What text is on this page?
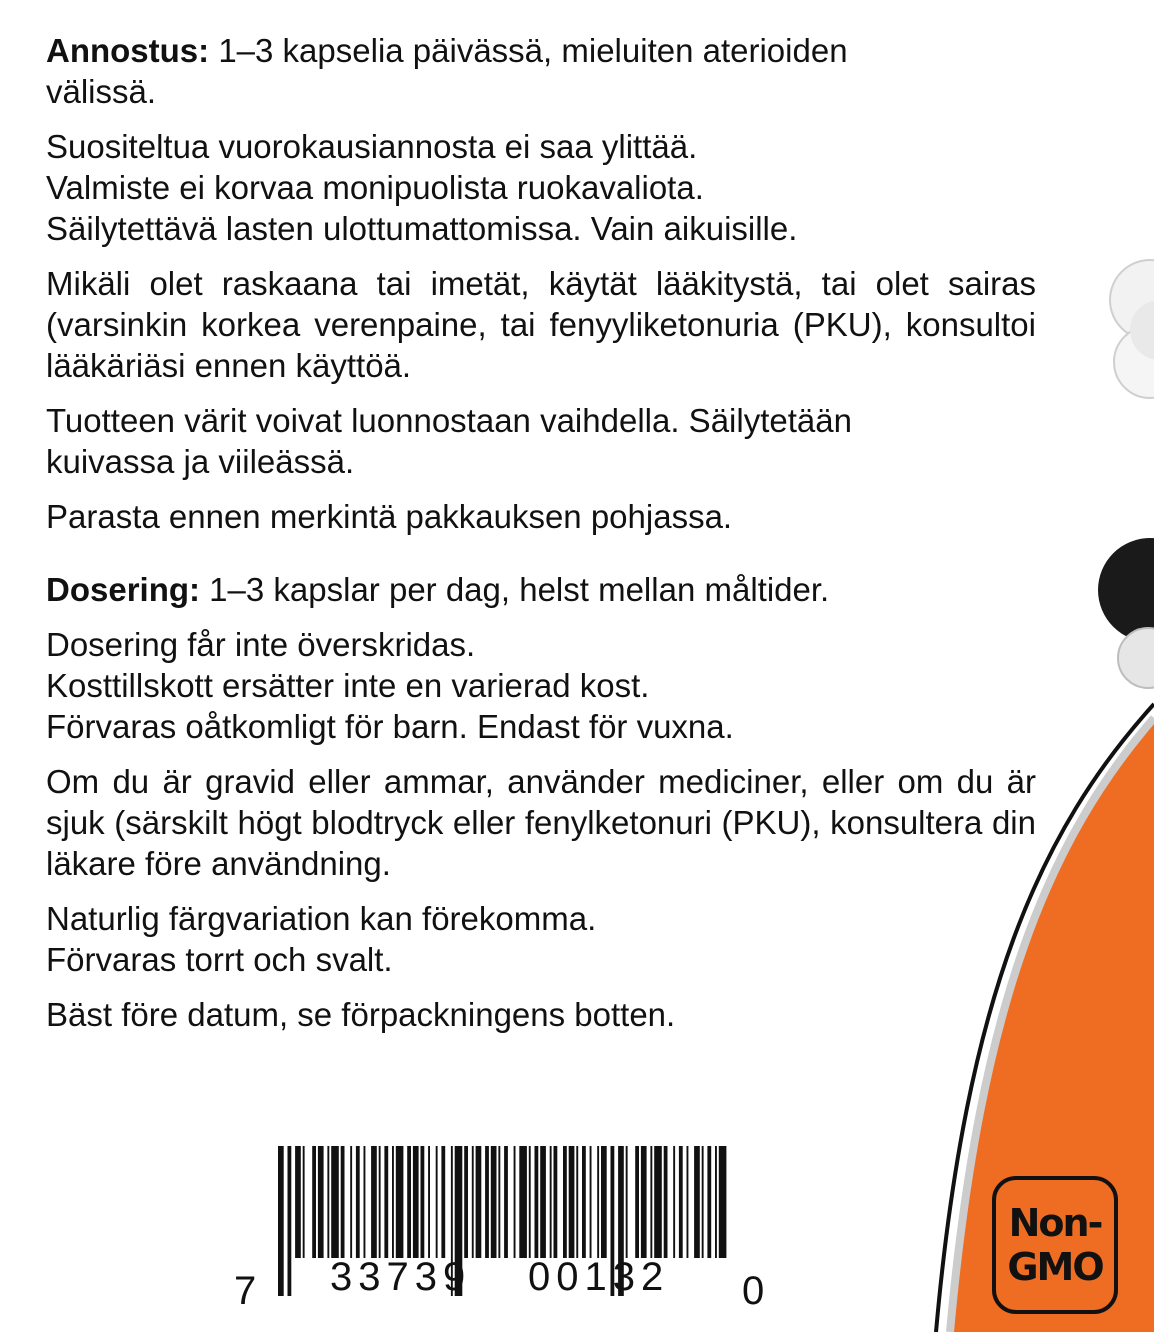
Annostus: 1–3 kapselia päivässä, mieluiten aterioiden
välissä.

Suositeltua vuorokausiannosta ei saa ylittää.
Valmiste ei korvaa monipuolista ruokavaliota.
Säilytettävä lasten ulottumattomissa. Vain aikuisille.

Mikäli olet raskaana tai imetät, käytät lääkitystä, tai olet sairas (varsinkin korkea verenpaine, tai fenyyliketonuria (PKU), konsultoi lääkäriäsi ennen käyttöä.

Tuotteen värit voivat luonnostaan vaihdella. Säilytetään
kuivassa ja viileässä.

Parasta ennen merkintä pakkauksen pohjassa.

Dosering: 1–3 kapslar per dag, helst mellan måltider.

Dosering får inte överskridas.
Kosttillskott ersätter inte en varierad kost.
Förvaras oåtkomligt för barn. Endast för vuxna.

Om du är gravid eller ammar, använder mediciner, eller om du är sjuk (särskilt högt blodtryck eller fenylketonuri (PKU), konsultera din läkare före användning.

Naturlig färgvariation kan förekomma.
Förvaras torrt och svalt.

Bäst före datum, se förpackningens botten.

7 33739 00132 0
Non-
GMO
